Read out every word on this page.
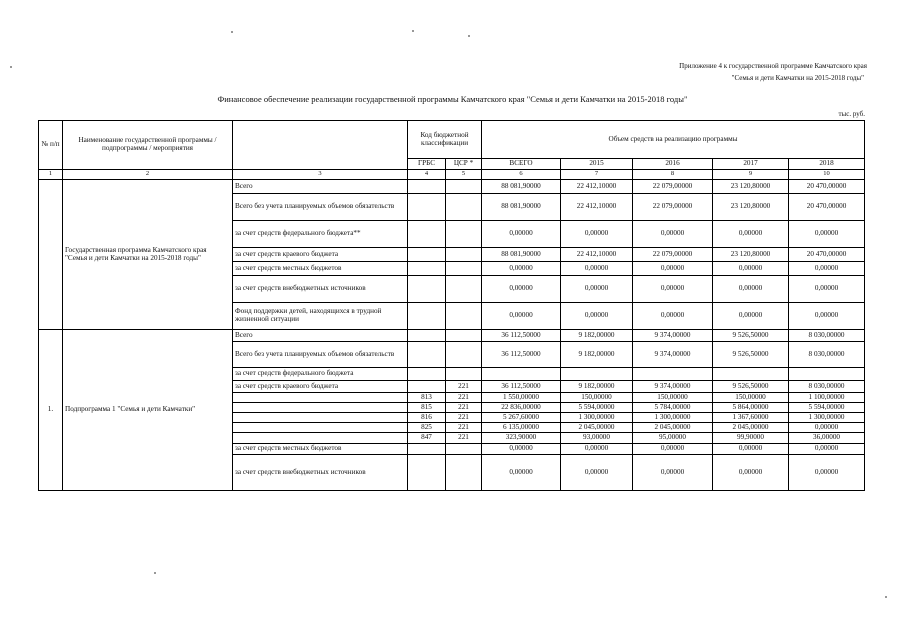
Приложение 4 к государственной программе Камчатского края
"Семья и дети Камчатки на 2015-2018 годы"
Финансовое обеспечение реализации государственной программы Камчатского края "Семья и дети Камчатки на 2015-2018 годы"
тыс. руб.
№ п/п	Наименование государственной программы / подпрограммы / мероприятия		Код бюджетной классификации		Объем средств на реализацию программы				
			ГРБС	ЦСР *	ВСЕГО	2015	2016	2017	2018
1	2	3	4	5	6	7	8	9	10
	Государственная программа Камчатского края "Семья и дети Камчатки на 2015-2018 годы"	Всего			88 081,90000	22 412,10000	22 079,00000	23 120,80000	20 470,00000
		Всего без учета планируемых объемов обязательств			88 081,90000	22 412,10000	22 079,00000	23 120,80000	20 470,00000
		за счет средств федерального бюджета**			0,00000	0,00000	0,00000	0,00000	0,00000
		за счет средств краевого бюджета			88 081,90000	22 412,10000	22 079,00000	23 120,80000	20 470,00000
		за счет средств местных бюджетов			0,00000	0,00000	0,00000	0,00000	0,00000
		за счет средств внебюджетных источников			0,00000	0,00000	0,00000	0,00000	0,00000
		Фонд поддержки детей, находящихся в трудной жизненной ситуации			0,00000	0,00000	0,00000	0,00000	0,00000
1.	Подпрограмма 1 "Семья и дети Камчатки"	Всего			36 112,50000	9 182,00000	9 374,00000	9 526,50000	8 030,00000
		Всего без учета планируемых объемов обязательств			36 112,50000	9 182,00000	9 374,00000	9 526,50000	8 030,00000
		за счет средств федерального бюджета							
		за счет средств краевого бюджета		221	36 112,50000	9 182,00000	9 374,00000	9 526,50000	8 030,00000
			813	221	1 550,00000	150,00000	150,00000	150,00000	1 100,00000
			815	221	22 836,00000	5 594,00000	5 784,00000	5 864,00000	5 594,00000
			816	221	5 267,60000	1 300,00000	1 300,00000	1 367,60000	1 300,00000
			825	221	6 135,00000	2 045,00000	2 045,00000	2 045,00000	0,00000
			847	221	323,90000	93,00000	95,00000	99,90000	36,00000
		за счет средств местных бюджетов			0,00000	0,00000	0,00000	0,00000	0,00000
		за счет средств внебюджетных источников			0,00000	0,00000	0,00000	0,00000	0,00000
